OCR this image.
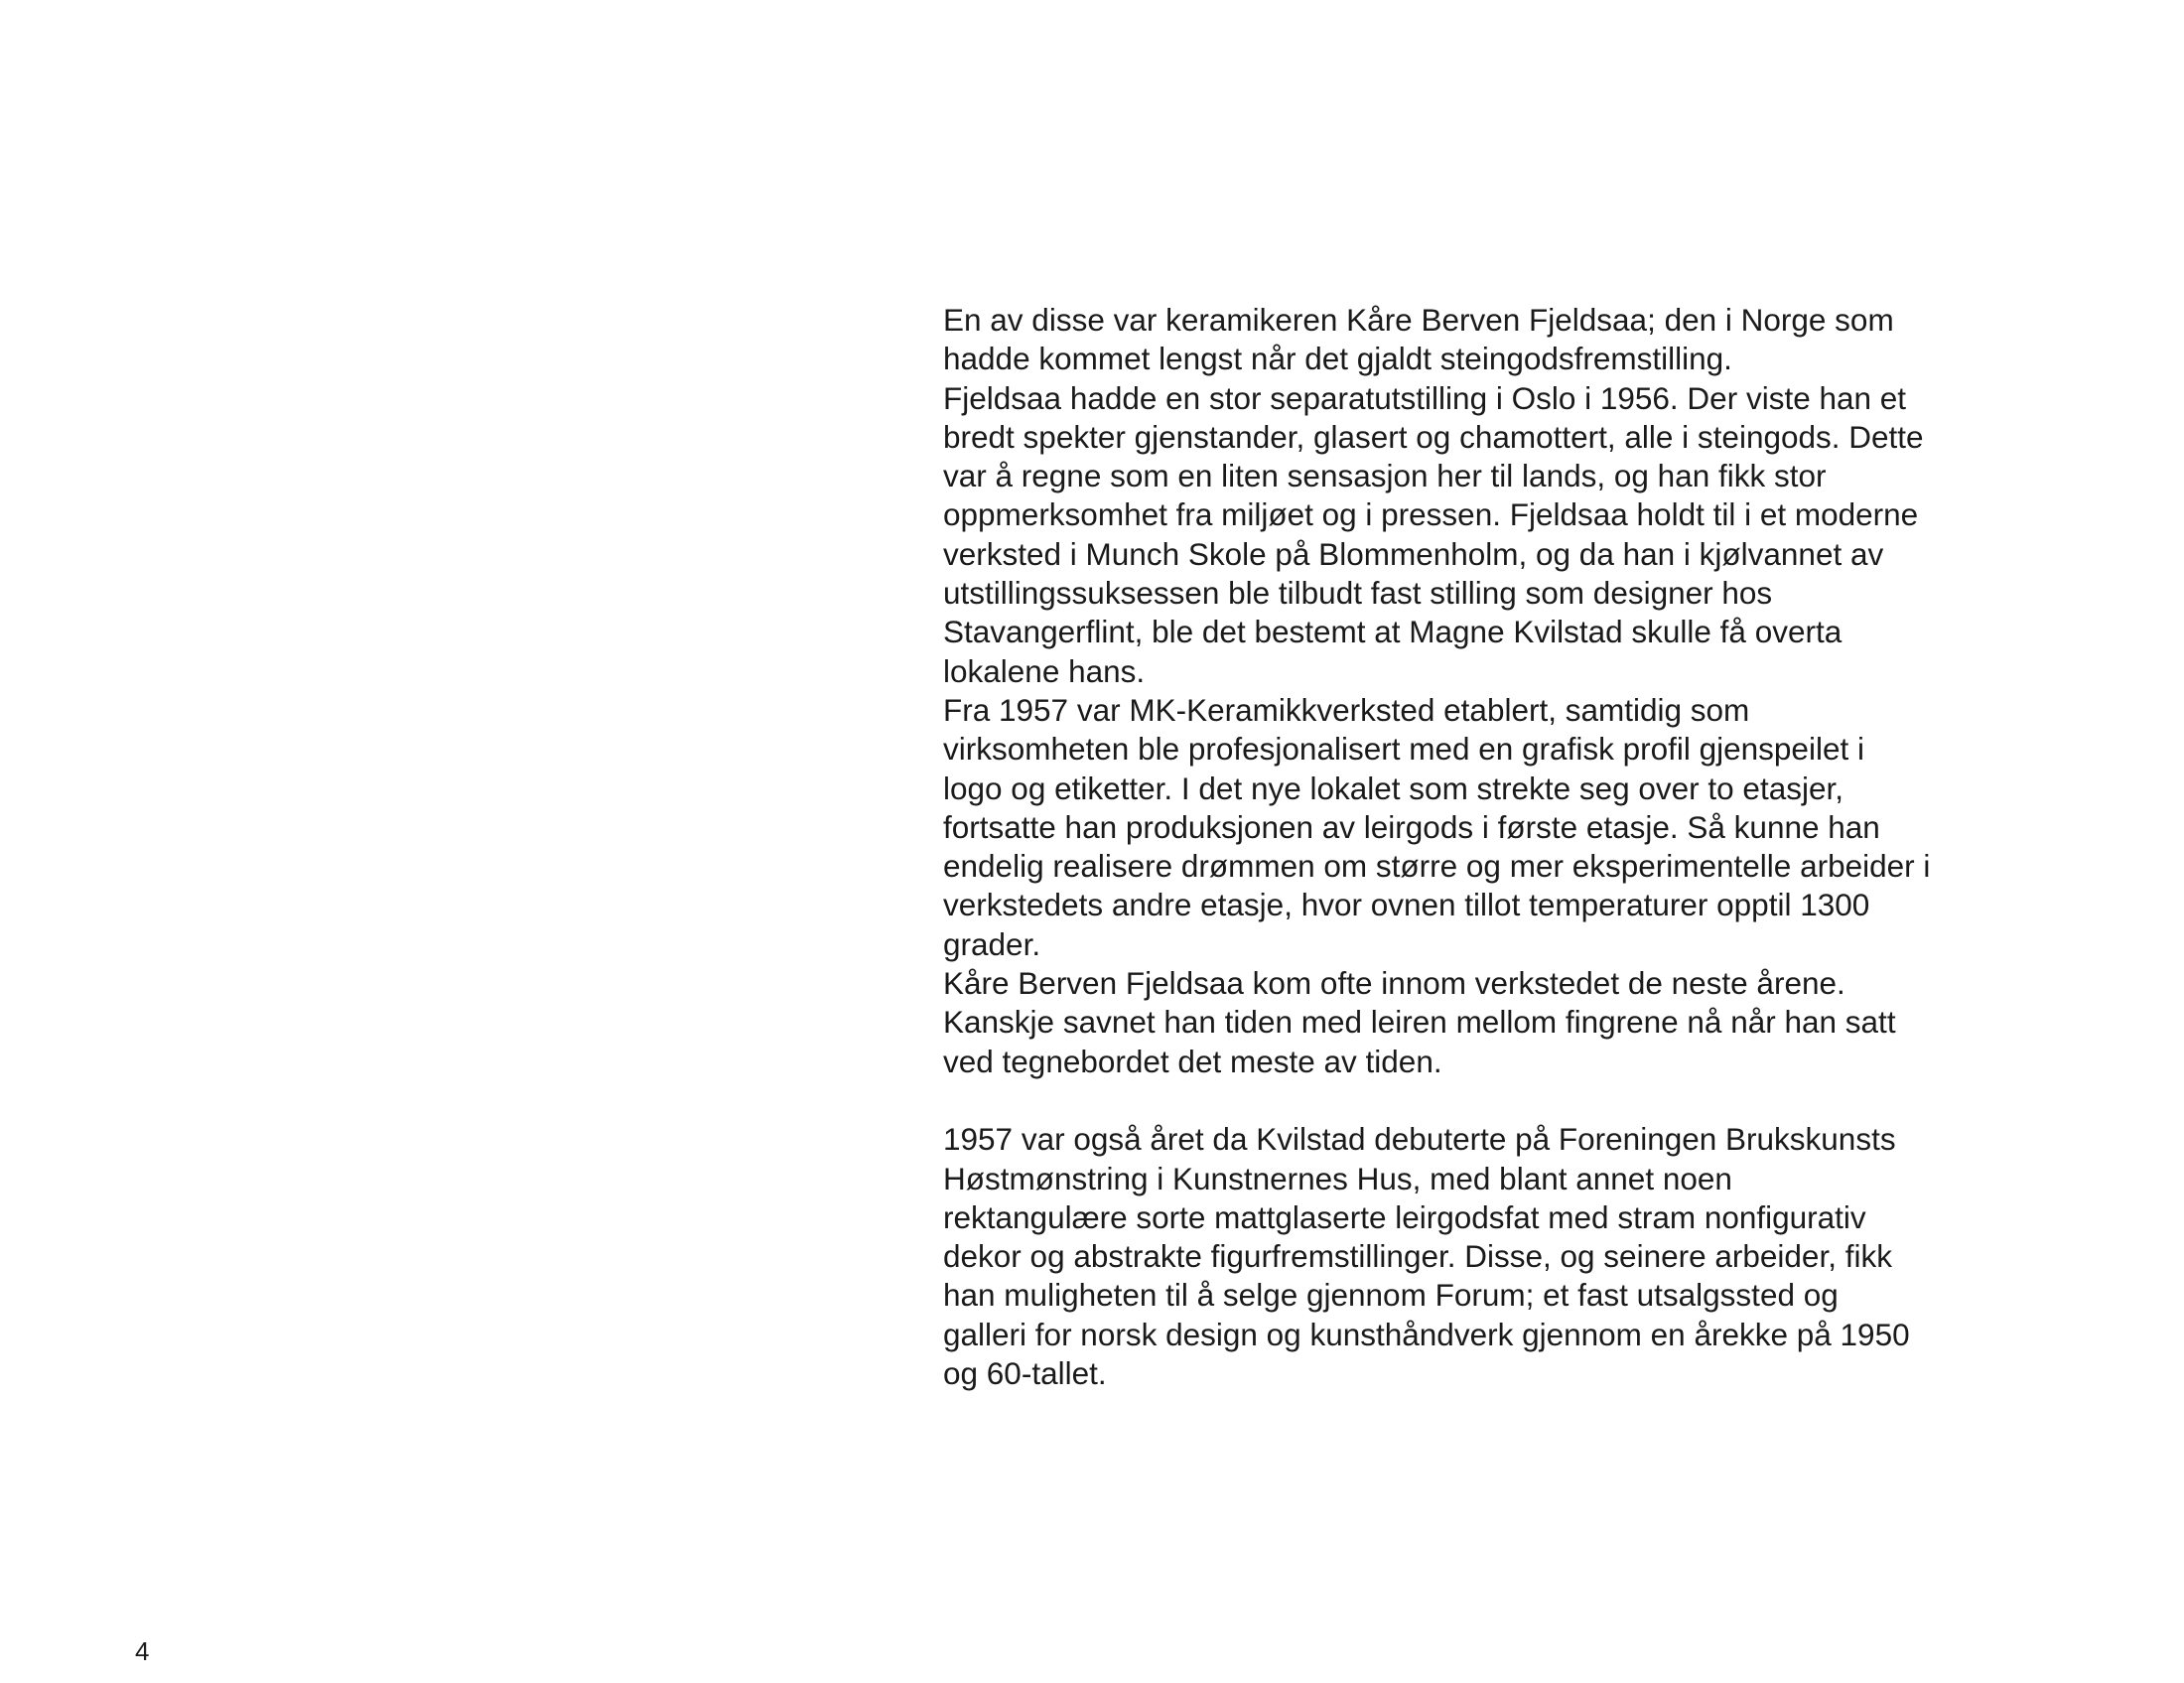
En av disse var keramikeren Kåre Berven Fjeldsaa; den i Norge som
hadde kommet lengst når det gjaldt steingodsfremstilling.
Fjeldsaa hadde en stor separatutstilling i Oslo i 1956. Der viste han et
bredt spekter gjenstander, glasert og chamottert, alle i steingods. Dette
var å regne som en liten sensasjon her til lands, og han fikk stor
oppmerksomhet fra miljøet og i pressen. Fjeldsaa holdt til i et moderne
verksted i Munch Skole på Blommenholm, og da han i kjølvannet av
utstillingssuksessen ble tilbudt fast stilling som designer hos
Stavangerflint, ble det bestemt at Magne Kvilstad skulle få overta
lokalene hans.
Fra 1957 var MK-Keramikkverksted etablert, samtidig som
virksomheten ble profesjonalisert med en grafisk profil gjenspeilet i
logo og etiketter. I det nye lokalet som strekte seg over to etasjer,
fortsatte han produksjonen av leirgods i første etasje. Så kunne han
endelig realisere drømmen om større og mer eksperimentelle arbeider i
verkstedets andre etasje, hvor ovnen tillot temperaturer opptil 1300
grader.
Kåre Berven Fjeldsaa kom ofte innom verkstedet de neste årene.
Kanskje savnet han tiden med leiren mellom fingrene nå når han satt
ved tegnebordet det meste av tiden.
1957 var også året da Kvilstad debuterte på Foreningen Brukskunsts
Høstmønstring i Kunstnernes Hus, med blant annet noen
rektangulære sorte mattglaserte leirgodsfat med stram nonfigurativ
dekor og abstrakte figurfremstillinger. Disse, og seinere arbeider, fikk
han muligheten til å selge gjennom Forum; et fast utsalgssted og
galleri for norsk design og kunsthåndverk gjennom en årekke på 1950
og 60-tallet.
4
